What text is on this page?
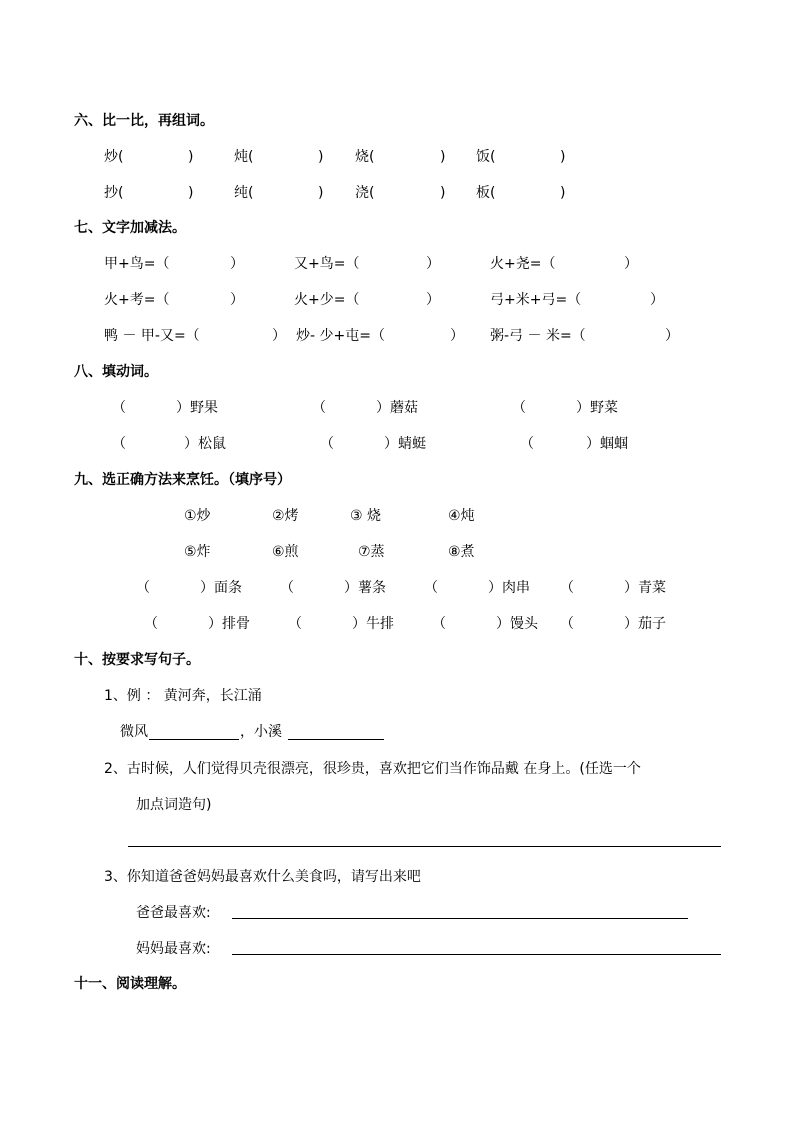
六、比一比，再组词。
炒(	)	炖(	) 烧(	) 饭(	)
抄(	)	纯(	) 浇(	) 板(	)
七、文字加减法。
甲+鸟=（	）	又+鸟=（	）	火+尧=（	）
火+考=（	）	火+少=（	）	弓+米+弓=（	）
鸭 － 甲-又=（	） 炒- 少+屯=（	） 粥-弓 － 米=（	）
八、填动词。
（	）野果	（	）蘑菇	（	）野菜
（	）松鼠	（	）蜻蜓	（	）蝈蝈
九、选正确方法来烹饪。（填序号）
①炒	②烤	③ 烧	④炖
⑤炸	⑥煎	⑦蒸	⑧煮
（	）面条	（	）薯条	（	）肉串 （	）青菜
（	）排骨	（	）牛排	（	）馒头 （	）茄子
十、按要求写句子。
1、例 ： 黄河奔，长江涌
微风	，小溪
2、古时候，人们觉得贝壳很漂亮，很珍贵，喜欢把它们当作饰品戴 在身上。(任选一个
加点词造句)
3、你知道爸爸妈妈最喜欢什么美食吗，请写出来吧
爸爸最喜欢:
妈妈最喜欢:
十一、阅读理解。
